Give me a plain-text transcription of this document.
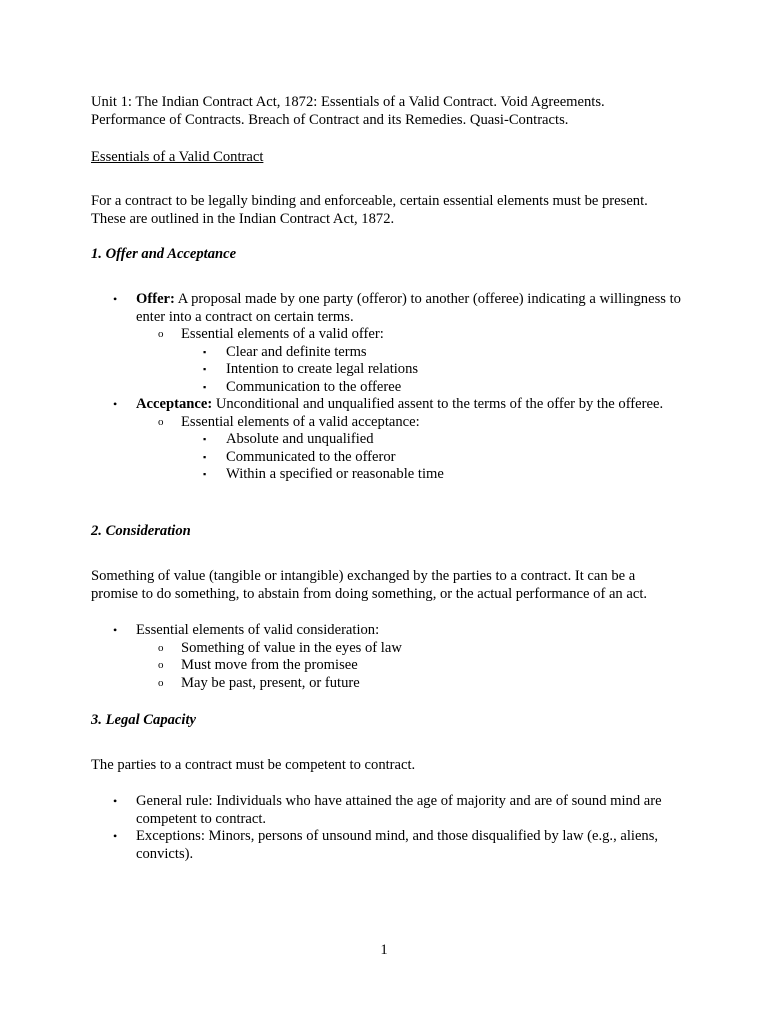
Unit 1: The Indian Contract Act, 1872: Essentials of a Valid Contract. Void Agreements.
Performance of Contracts. Breach of Contract and its Remedies. Quasi-Contracts.
Essentials of a Valid Contract
For a contract to be legally binding and enforceable, certain essential elements must be present.
These are outlined in the Indian Contract Act, 1872.
1. Offer and Acceptance
• Offer: A proposal made by one party (offeror) to another (offeree) indicating a willingness to enter into a contract on certain terms.
o Essential elements of a valid offer:
▪ Clear and definite terms
▪ Intention to create legal relations
▪ Communication to the offeree
• Acceptance: Unconditional and unqualified assent to the terms of the offer by the offeree.
o Essential elements of a valid acceptance:
▪ Absolute and unqualified
▪ Communicated to the offeror
▪ Within a specified or reasonable time
2. Consideration
Something of value (tangible or intangible) exchanged by the parties to a contract. It can be a
promise to do something, to abstain from doing something, or the actual performance of an act.
• Essential elements of valid consideration:
o Something of value in the eyes of law
o Must move from the promisee
o May be past, present, or future
3. Legal Capacity
The parties to a contract must be competent to contract.
• General rule: Individuals who have attained the age of majority and are of sound mind are competent to contract.
• Exceptions: Minors, persons of unsound mind, and those disqualified by law (e.g., aliens, convicts).
1
